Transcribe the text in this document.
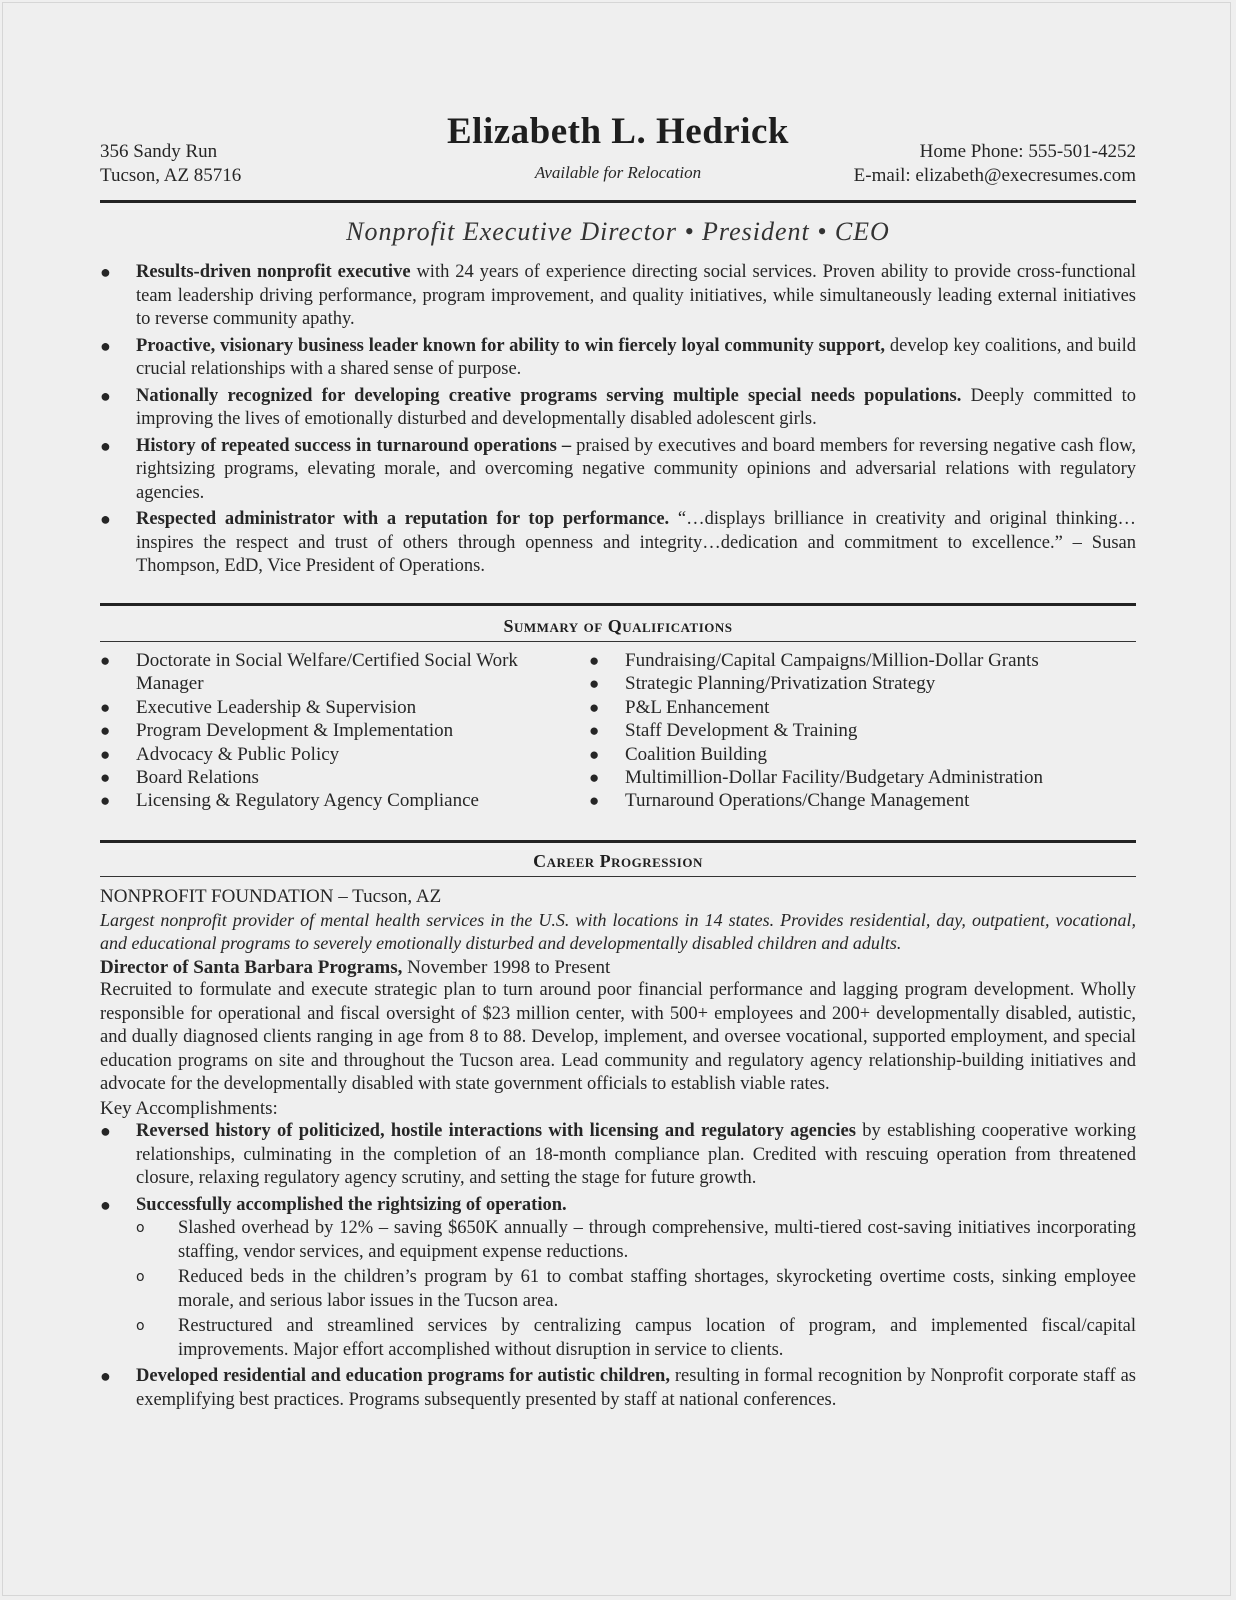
Elizabeth L. Hedrick
356 Sandy Run
Tucson, AZ 85716	Available for Relocation
Home Phone: 555-501-4252
E-mail: elizabeth@execresumes.com
Nonprofit Executive Director • President • CEO
● Results-driven nonprofit executive with 24 years of experience directing social services. Proven ability to provide cross-functional team leadership driving performance, program improvement, and quality initiatives, while simultaneously leading external initiatives to reverse community apathy.
● Proactive, visionary business leader known for ability to win fiercely loyal community support, develop key coalitions, and build crucial relationships with a shared sense of purpose.
● Nationally recognized for developing creative programs serving multiple special needs populations. Deeply committed to improving the lives of emotionally disturbed and developmentally disabled adolescent girls.
● History of repeated success in turnaround operations – praised by executives and board members for reversing negative cash flow, rightsizing programs, elevating morale, and overcoming negative community opinions and adversarial relations with regulatory agencies.
● Respected administrator with a reputation for top performance. “…displays brilliance in creativity and original thinking…inspires the respect and trust of others through openness and integrity…dedication and commitment to excellence.” – Susan Thompson, EdD, Vice President of Operations.
Summary of Qualifications
● Doctorate in Social Welfare/Certified Social Work Manager
● Executive Leadership & Supervision
● Program Development & Implementation
● Advocacy & Public Policy
● Board Relations
● Licensing & Regulatory Agency Compliance
● Fundraising/Capital Campaigns/Million-Dollar Grants
● Strategic Planning/Privatization Strategy
● P&L Enhancement
● Staff Development & Training
● Coalition Building
● Multimillion-Dollar Facility/Budgetary Administration
● Turnaround Operations/Change Management
Career Progression
NONPROFIT FOUNDATION – Tucson, AZ
Largest nonprofit provider of mental health services in the U.S. with locations in 14 states. Provides residential, day, outpatient, vocational, and educational programs to severely emotionally disturbed and developmentally disabled children and adults.
Director of Santa Barbara Programs, November 1998 to Present
Recruited to formulate and execute strategic plan to turn around poor financial performance and lagging program development. Wholly responsible for operational and fiscal oversight of $23 million center, with 500+ employees and 200+ developmentally disabled, autistic, and dually diagnosed clients ranging in age from 8 to 88. Develop, implement, and oversee vocational, supported employment, and special education programs on site and throughout the Tucson area. Lead community and regulatory agency relationship-building initiatives and advocate for the developmentally disabled with state government officials to establish viable rates.
Key Accomplishments:
● Reversed history of politicized, hostile interactions with licensing and regulatory agencies by establishing cooperative working relationships, culminating in the completion of an 18-month compliance plan. Credited with rescuing operation from threatened closure, relaxing regulatory agency scrutiny, and setting the stage for future growth.
● Successfully accomplished the rightsizing of operation.
o Slashed overhead by 12% – saving $650K annually – through comprehensive, multi-tiered cost-saving initiatives incorporating staffing, vendor services, and equipment expense reductions.
o Reduced beds in the children’s program by 61 to combat staffing shortages, skyrocketing overtime costs, sinking employee morale, and serious labor issues in the Tucson area.
o Restructured and streamlined services by centralizing campus location of program, and implemented fiscal/capital improvements. Major effort accomplished without disruption in service to clients.
● Developed residential and education programs for autistic children, resulting in formal recognition by Nonprofit corporate staff as exemplifying best practices. Programs subsequently presented by staff at national conferences.
